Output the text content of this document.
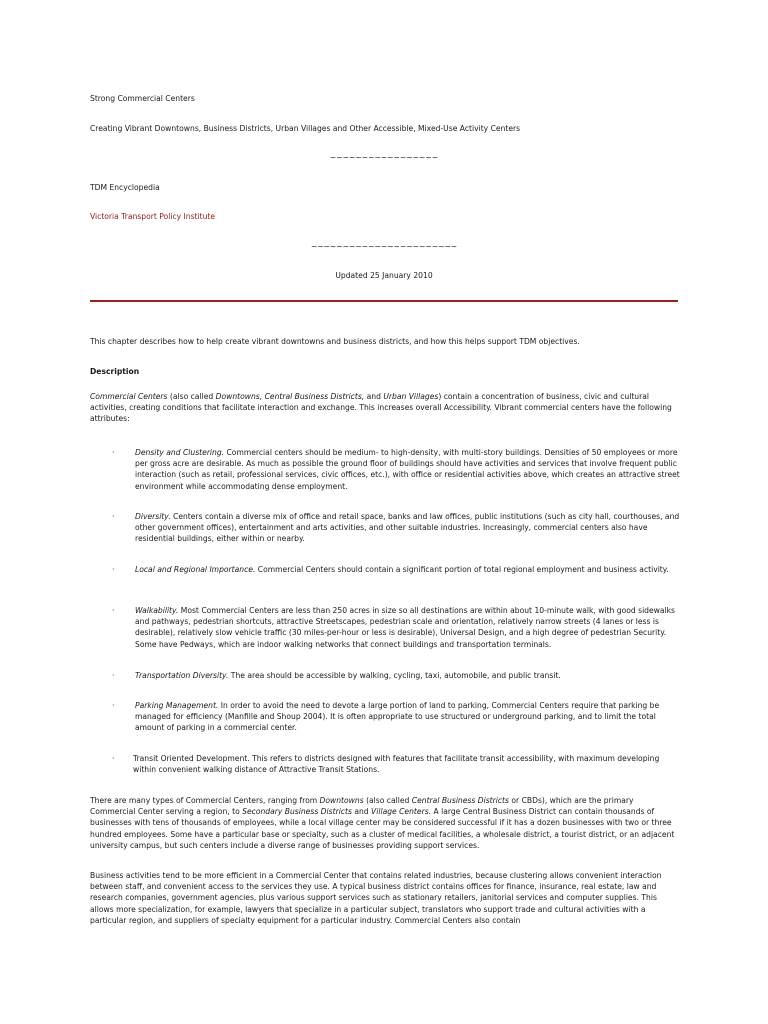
Strong Commercial Centers
Creating Vibrant Downtowns, Business Districts, Urban Villages and Other Accessible, Mixed-Use Activity Centers
~~~~~~~~~~~~~~~~~
TDM Encyclopedia
Victoria Transport Policy Institute
~~~~~~~~~~~~~~~~~~~~~~~
Updated 25 January 2010
This chapter describes how to help create vibrant downtowns and business districts, and how this helps support TDM objectives.
Description
Commercial Centers (also called Downtowns, Central Business Districts, and Urban Villages) contain a concentration of business, civic and cultural activities, creating conditions that facilitate interaction and exchange. This increases overall Accessibility. Vibrant commercial centers have the following attributes:
·	Density and Clustering. Commercial centers should be medium- to high-density, with multi-story buildings. Densities of 50 employees or more per gross acre are desirable. As much as possible the ground floor of buildings should have activities and services that involve frequent public interaction (such as retail, professional services, civic offices, etc.), with office or residential activities above, which creates an attractive street environment while accommodating dense employment.
·	Diversity. Centers contain a diverse mix of office and retail space, banks and law offices, public institutions (such as city hall, courthouses, and other government offices), entertainment and arts activities, and other suitable industries. Increasingly, commercial centers also have residential buildings, either within or nearby.
·	Local and Regional Importance. Commercial Centers should contain a significant portion of total regional employment and business activity.
·	Walkability. Most Commercial Centers are less than 250 acres in size so all destinations are within about 10-minute walk, with good sidewalks and pathways, pedestrian shortcuts, attractive Streetscapes, pedestrian scale and orientation, relatively narrow streets (4 lanes or less is desirable), relatively slow vehicle traffic (30 miles-per-hour or less is desirable), Universal Design, and a high degree of pedestrian Security. Some have Pedways, which are indoor walking networks that connect buildings and transportation terminals.
·	Transportation Diversity. The area should be accessible by walking, cycling, taxi, automobile, and public transit.
·	Parking Management. In order to avoid the need to devote a large portion of land to parking, Commercial Centers require that parking be managed for efficiency (Manfille and Shoup 2004). It is often appropriate to use structured or underground parking, and to limit the total amount of parking in a commercial center.
· Transit Oriented Development. This refers to districts designed with features that facilitate transit accessibility, with maximum developing within convenient walking distance of Attractive Transit Stations.
There are many types of Commercial Centers, ranging from Downtowns (also called Central Business Districts or CBDs), which are the primary Commercial Center serving a region, to Secondary Business Districts and Village Centers. A large Central Business District can contain thousands of businesses with tens of thousands of employees, while a local village center may be considered successful if it has a dozen businesses with two or three hundred employees. Some have a particular base or specialty, such as a cluster of medical facilities, a wholesale district, a tourist district, or an adjacent university campus, but such centers include a diverse range of businesses providing support services.
Business activities tend to be more efficient in a Commercial Center that contains related industries, because clustering allows convenient interaction between staff, and convenient access to the services they use. A typical business district contains offices for finance, insurance, real estate, law and research companies, government agencies, plus various support services such as stationary retailers, janitorial services and computer supplies. This allows more specialization, for example, lawyers that specialize in a particular subject, translators who support trade and cultural activities with a particular region, and suppliers of specialty equipment for a particular industry. Commercial Centers also contain
